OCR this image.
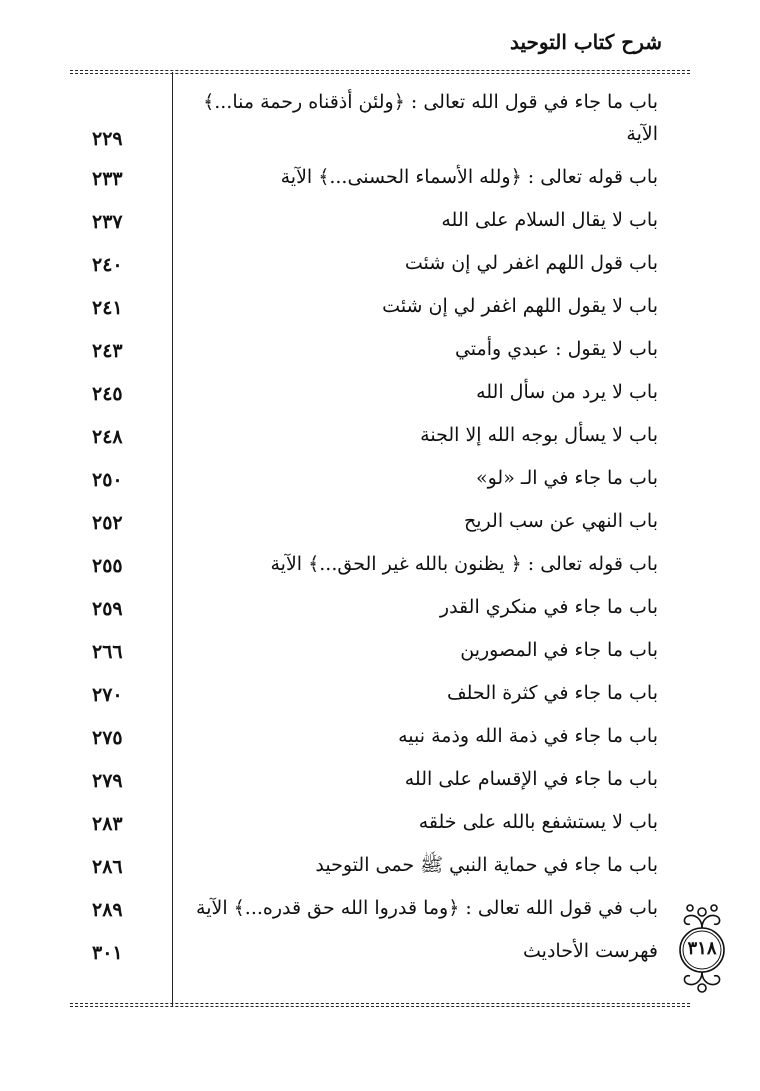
شرح كتاب التوحيد
باب ما جاء في قول الله تعالى : ﴿ولئن أذقناه رحمة منا...﴾ الآية
٢٢٩
باب قوله تعالى : ﴿ولله الأسماء الحسنى...﴾ الآية
٢٣٣
باب لا يقال السلام على الله
٢٣٧
باب قول اللهم اغفر لي إن شئت
٢٤٠
باب لا يقول اللهم اغفر لي إن شئت
٢٤١
باب لا يقول : عبدي وأمتي
٢٤٣
باب لا يرد من سأل الله
٢٤٥
باب لا يسأل بوجه الله إلا الجنة
٢٤٨
باب ما جاء في الـ «لو»
٢٥٠
باب النهي عن سب الريح
٢٥٢
باب قوله تعالى : ﴿ يظنون بالله غير الحق...﴾ الآية
٢٥٥
باب ما جاء في منكري القدر
٢٥٩
باب ما جاء في المصورين
٢٦٦
باب ما جاء في كثرة الحلف
٢٧٠
باب ما جاء في ذمة الله وذمة نبيه
٢٧٥
باب ما جاء في الإقسام على الله
٢٧٩
باب لا يستشفع بالله على خلقه
٢٨٣
باب ما جاء في حماية النبي ﷺ حمى التوحيد
٢٨٦
باب في قول الله تعالى : ﴿وما قدروا الله حق قدره...﴾ الآية
٢٨٩
فهرست الأحاديث
٣٠١	٣١٨
